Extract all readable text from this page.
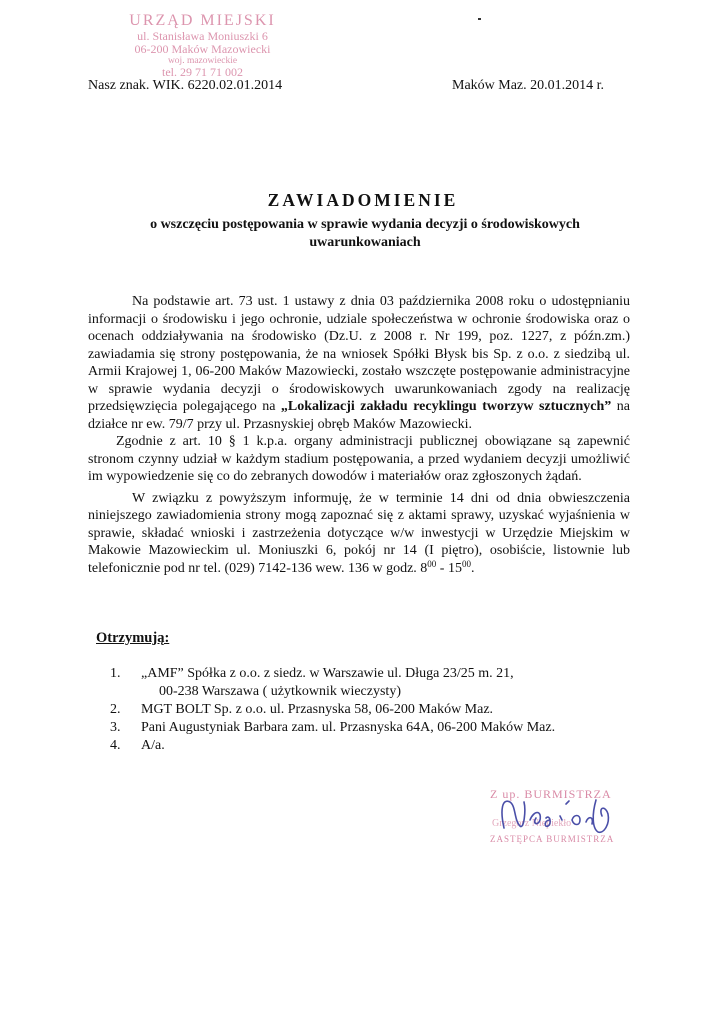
URZĄD MIEJSKI
ul. Stanisława Moniuszki 6
06-200 Maków Mazowiecki
woj. mazowieckie
tel. 29 71 71 002
Nasz znak. WIK. 6220.02.01.2014	Maków Maz. 20.01.2014 r.
ZAWIADOMIENIE
o wszczęciu postępowania w sprawie wydania decyzji o środowiskowych uwarunkowaniach

Na podstawie art. 73 ust. 1 ustawy z dnia 03 października 2008 roku o udostępnianiu informacji o środowisku i jego ochronie, udziale społeczeństwa w ochronie środowiska oraz o ocenach oddziaływania na środowisko (Dz.U. z 2008 r. Nr 199, poz. 1227, z późn.zm.) zawiadamia się strony postępowania, że na wniosek Spółki Błysk bis Sp. z o.o. z siedzibą ul. Armii Krajowej 1, 06-200 Maków Mazowiecki, zostało wszczęte postępowanie administracyjne w sprawie wydania decyzji o środowiskowych uwarunkowaniach zgody na realizację przedsięwzięcia polegającego na „Lokalizacji zakładu recyklingu tworzyw sztucznych” na działce nr ew. 79/7 przy ul. Przasnyskiej obręb Maków Mazowiecki.

Zgodnie z art. 10 § 1 k.p.a. organy administracji publicznej obowiązane są zapewnić stronom czynny udział w każdym stadium postępowania, a przed wydaniem decyzji umożliwić im wypowiedzenie się co do zebranych dowodów i materiałów oraz zgłoszonych żądań.

W związku z powyższym informuję, że w terminie 14 dni od dnia obwieszczenia niniejszego zawiadomienia strony mogą zapoznać się z aktami sprawy, uzyskać wyjaśnienia w sprawie, składać wnioski i zastrzeżenia dotyczące w/w inwestycji w Urzędzie Miejskim w Makowie Mazowieckim ul. Moniuszki 6, pokój nr 14 (I piętro), osobiście, listownie lub telefonicznie pod nr tel. (029) 7142-136 wew. 136 w godz. $8^{00} - 15^{00}$.

Otrzymują:
1.	„AMF” Spółka z o.o. z siedz. w Warszawie ul. Długa 23/25 m. 21,
00-238 Warszawa ( użytkownik wieczysty)
2.	MGT BOLT Sp. z o.o. ul. Przasnyska 58, 06-200 Maków Maz.
3.	Pani Augustyniak Barbara zam. ul. Przasnyska 64A, 06-200 Maków Maz.
4.	A/a.
Z up. BURMISTRZA
Grzegorz Niepiekło
ZASTĘPCA BURMISTRZA
